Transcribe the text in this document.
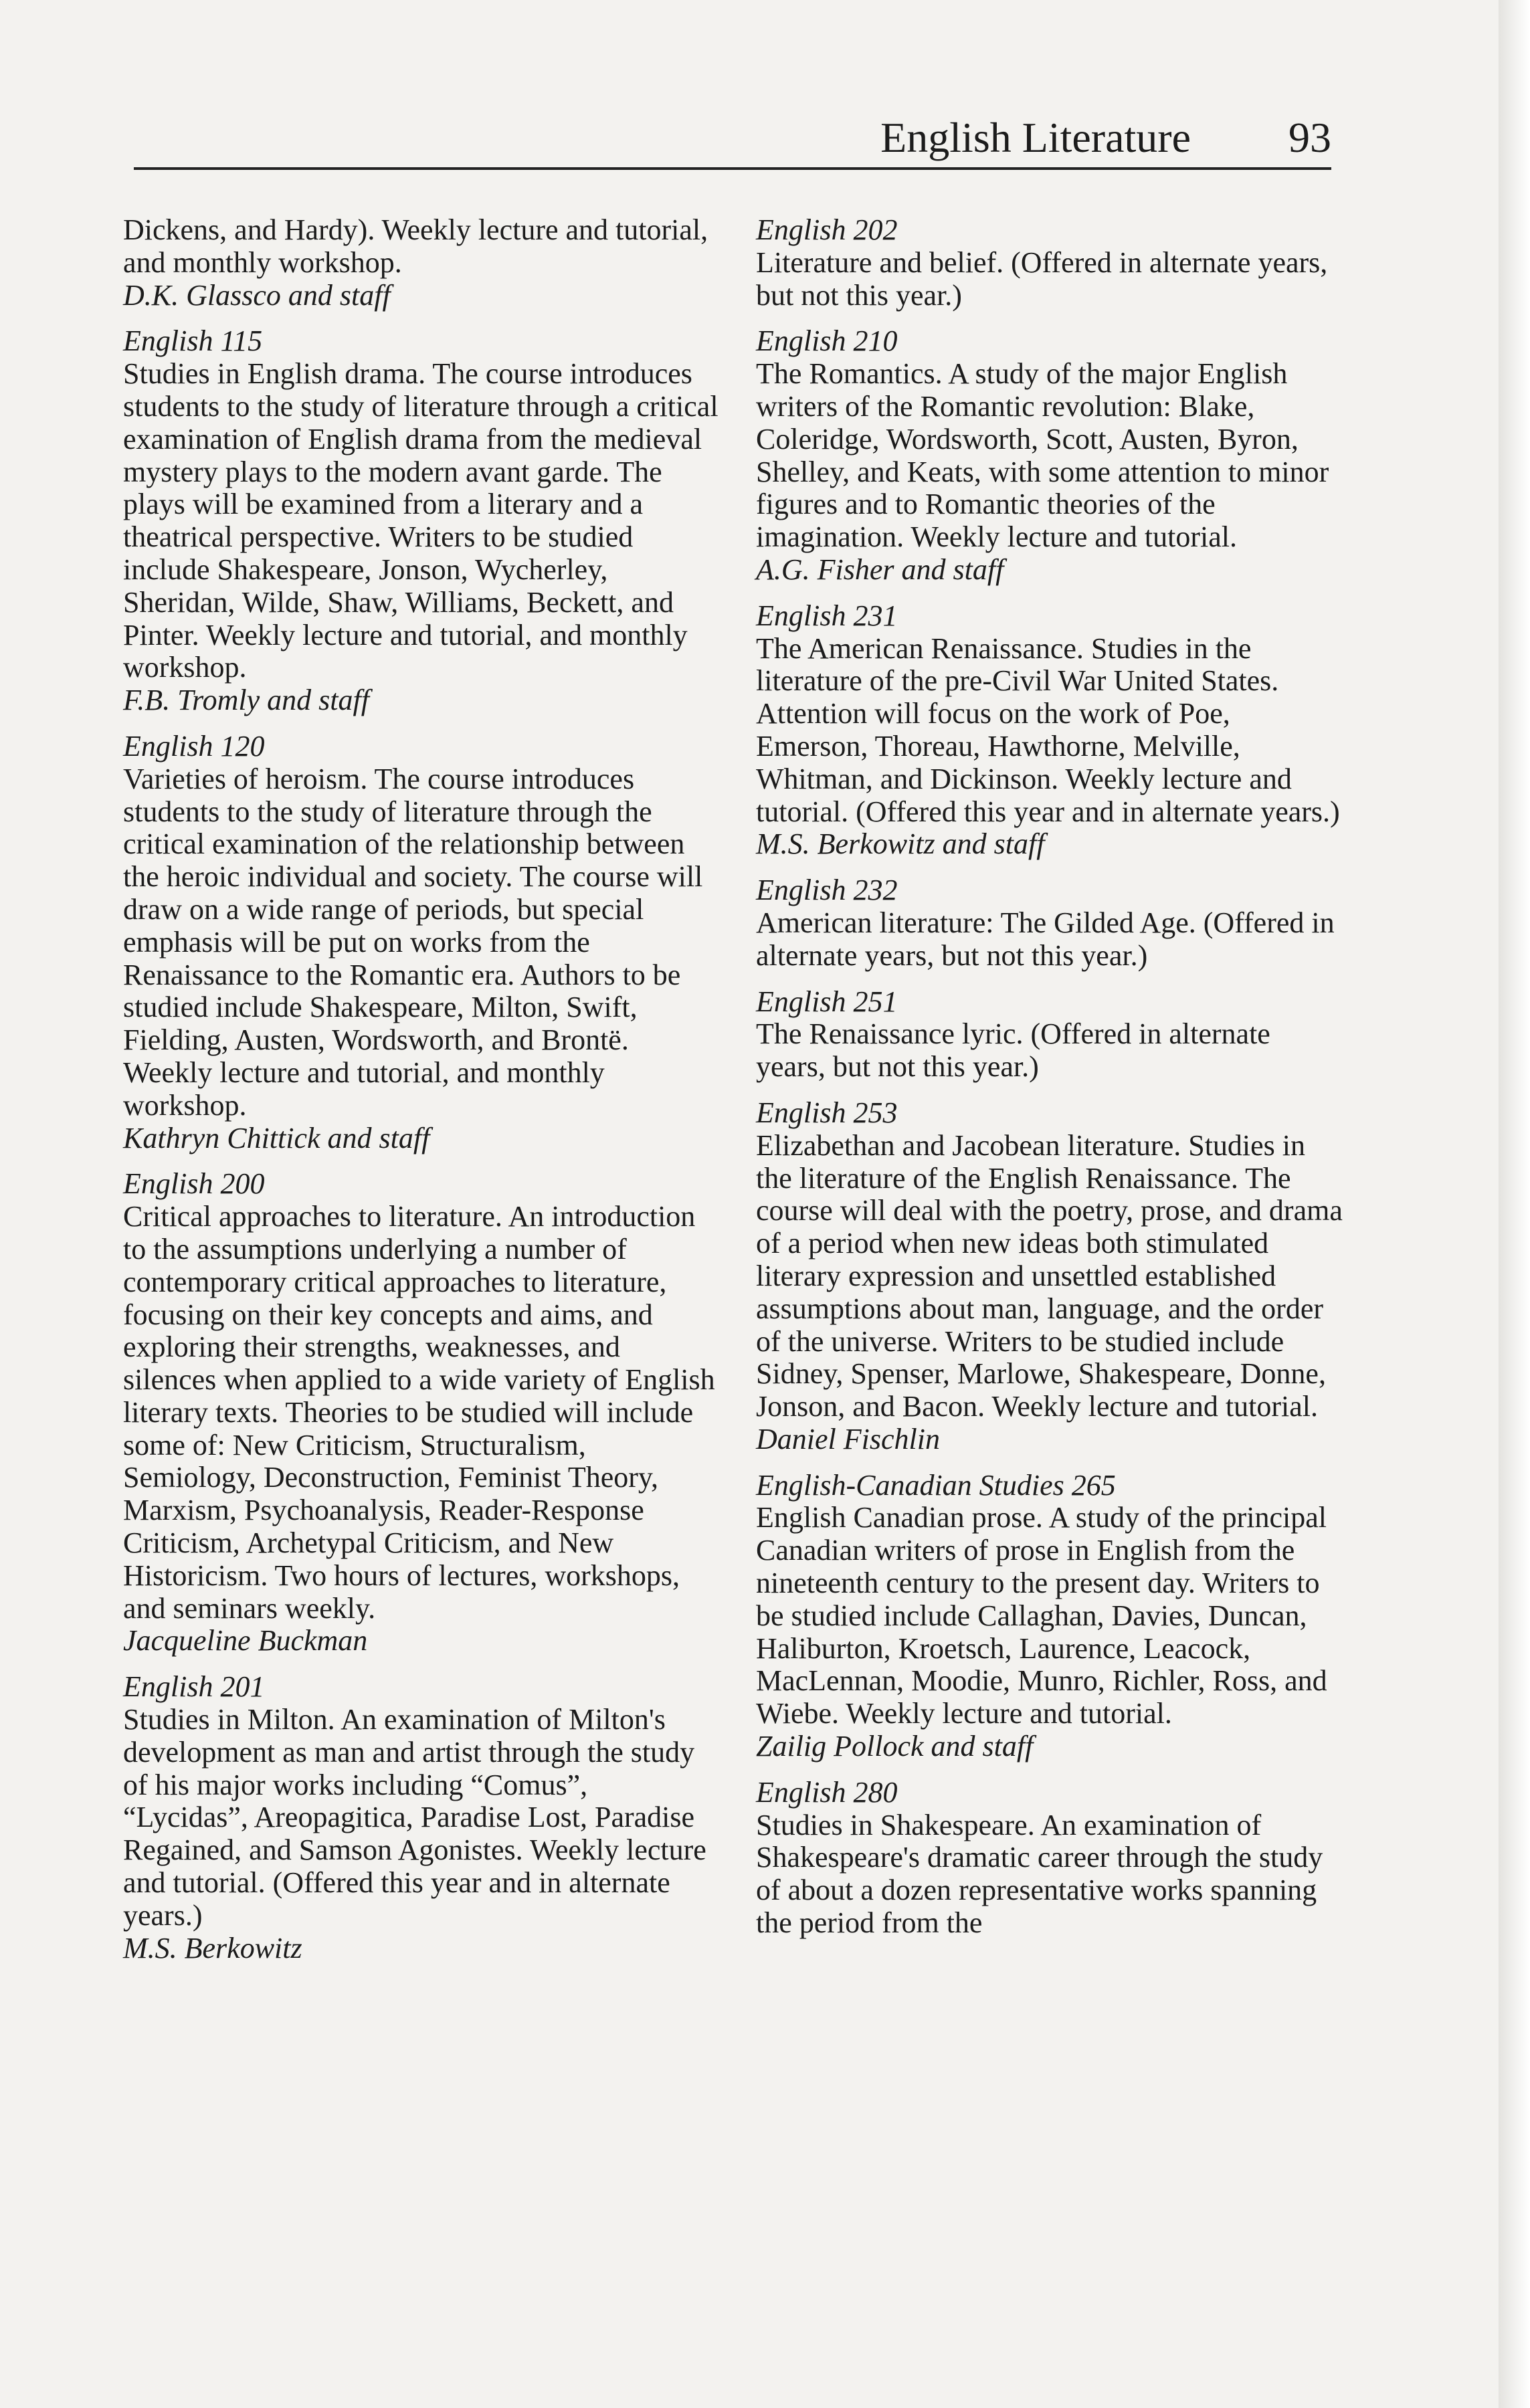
English Literature 93

Dickens, and Hardy). Weekly lecture and tutorial, and monthly workshop.

D.K. Glassco and staff

English 115

Studies in English drama. The course introduces students to the study of literature through a critical examination of English drama from the medieval mystery plays to the modern avant garde. The plays will be examined from a literary and a theatrical perspective. Writers to be studied include Shakespeare, Jonson, Wycherley, Sheridan, Wilde, Shaw, Williams, Beckett, and Pinter. Weekly lecture and tutorial, and monthly workshop.

F.B. Tromly and staff

English 120

Varieties of heroism. The course introduces students to the study of literature through the critical examination of the relationship between the heroic individual and society. The course will draw on a wide range of periods, but special emphasis will be put on works from the Renaissance to the Romantic era. Authors to be studied include Shakespeare, Milton, Swift, Fielding, Austen, Wordsworth, and Brontë. Weekly lecture and tutorial, and monthly workshop.

Kathryn Chittick and staff

English 200

Critical approaches to literature. An introduction to the assumptions underlying a number of contemporary critical approaches to literature, focusing on their key concepts and aims, and exploring their strengths, weaknesses, and silences when applied to a wide variety of English literary texts. Theories to be studied will include some of: New Criticism, Structuralism, Semiology, Deconstruction, Feminist Theory, Marxism, Psychoanalysis, Reader-Response Criticism, Archetypal Criticism, and New Historicism. Two hours of lectures, workshops, and seminars weekly.

Jacqueline Buckman

English 201

Studies in Milton. An examination of Milton's development as man and artist through the study of his major works including “Comus”, “Lycidas”, Areopagitica, Paradise Lost, Paradise Regained, and Samson Agonistes. Weekly lecture and tutorial. (Offered this year and in alternate years.)

M.S. Berkowitz

English 202

Literature and belief. (Offered in alternate years, but not this year.)

English 210

The Romantics. A study of the major English writers of the Romantic revolution: Blake, Coleridge, Wordsworth, Scott, Austen, Byron, Shelley, and Keats, with some attention to minor figures and to Romantic theories of the imagination. Weekly lecture and tutorial.

A.G. Fisher and staff

English 231

The American Renaissance. Studies in the literature of the pre-Civil War United States. Attention will focus on the work of Poe, Emerson, Thoreau, Hawthorne, Melville, Whitman, and Dickinson. Weekly lecture and tutorial. (Offered this year and in alternate years.)

M.S. Berkowitz and staff

English 232

American literature: The Gilded Age. (Offered in alternate years, but not this year.)

English 251

The Renaissance lyric. (Offered in alternate years, but not this year.)

English 253

Elizabethan and Jacobean literature. Studies in the literature of the English Renaissance. The course will deal with the poetry, prose, and drama of a period when new ideas both stimulated literary expression and unsettled established assumptions about man, language, and the order of the universe. Writers to be studied include Sidney, Spenser, Marlowe, Shakespeare, Donne, Jonson, and Bacon. Weekly lecture and tutorial.

Daniel Fischlin

English-Canadian Studies 265

English Canadian prose. A study of the principal Canadian writers of prose in English from the nineteenth century to the present day. Writers to be studied include Callaghan, Davies, Duncan, Haliburton, Kroetsch, Laurence, Leacock, MacLennan, Moodie, Munro, Richler, Ross, and Wiebe. Weekly lecture and tutorial.

Zailig Pollock and staff

English 280

Studies in Shakespeare. An examination of Shakespeare's dramatic career through the study of about a dozen representative works spanning the period from the
